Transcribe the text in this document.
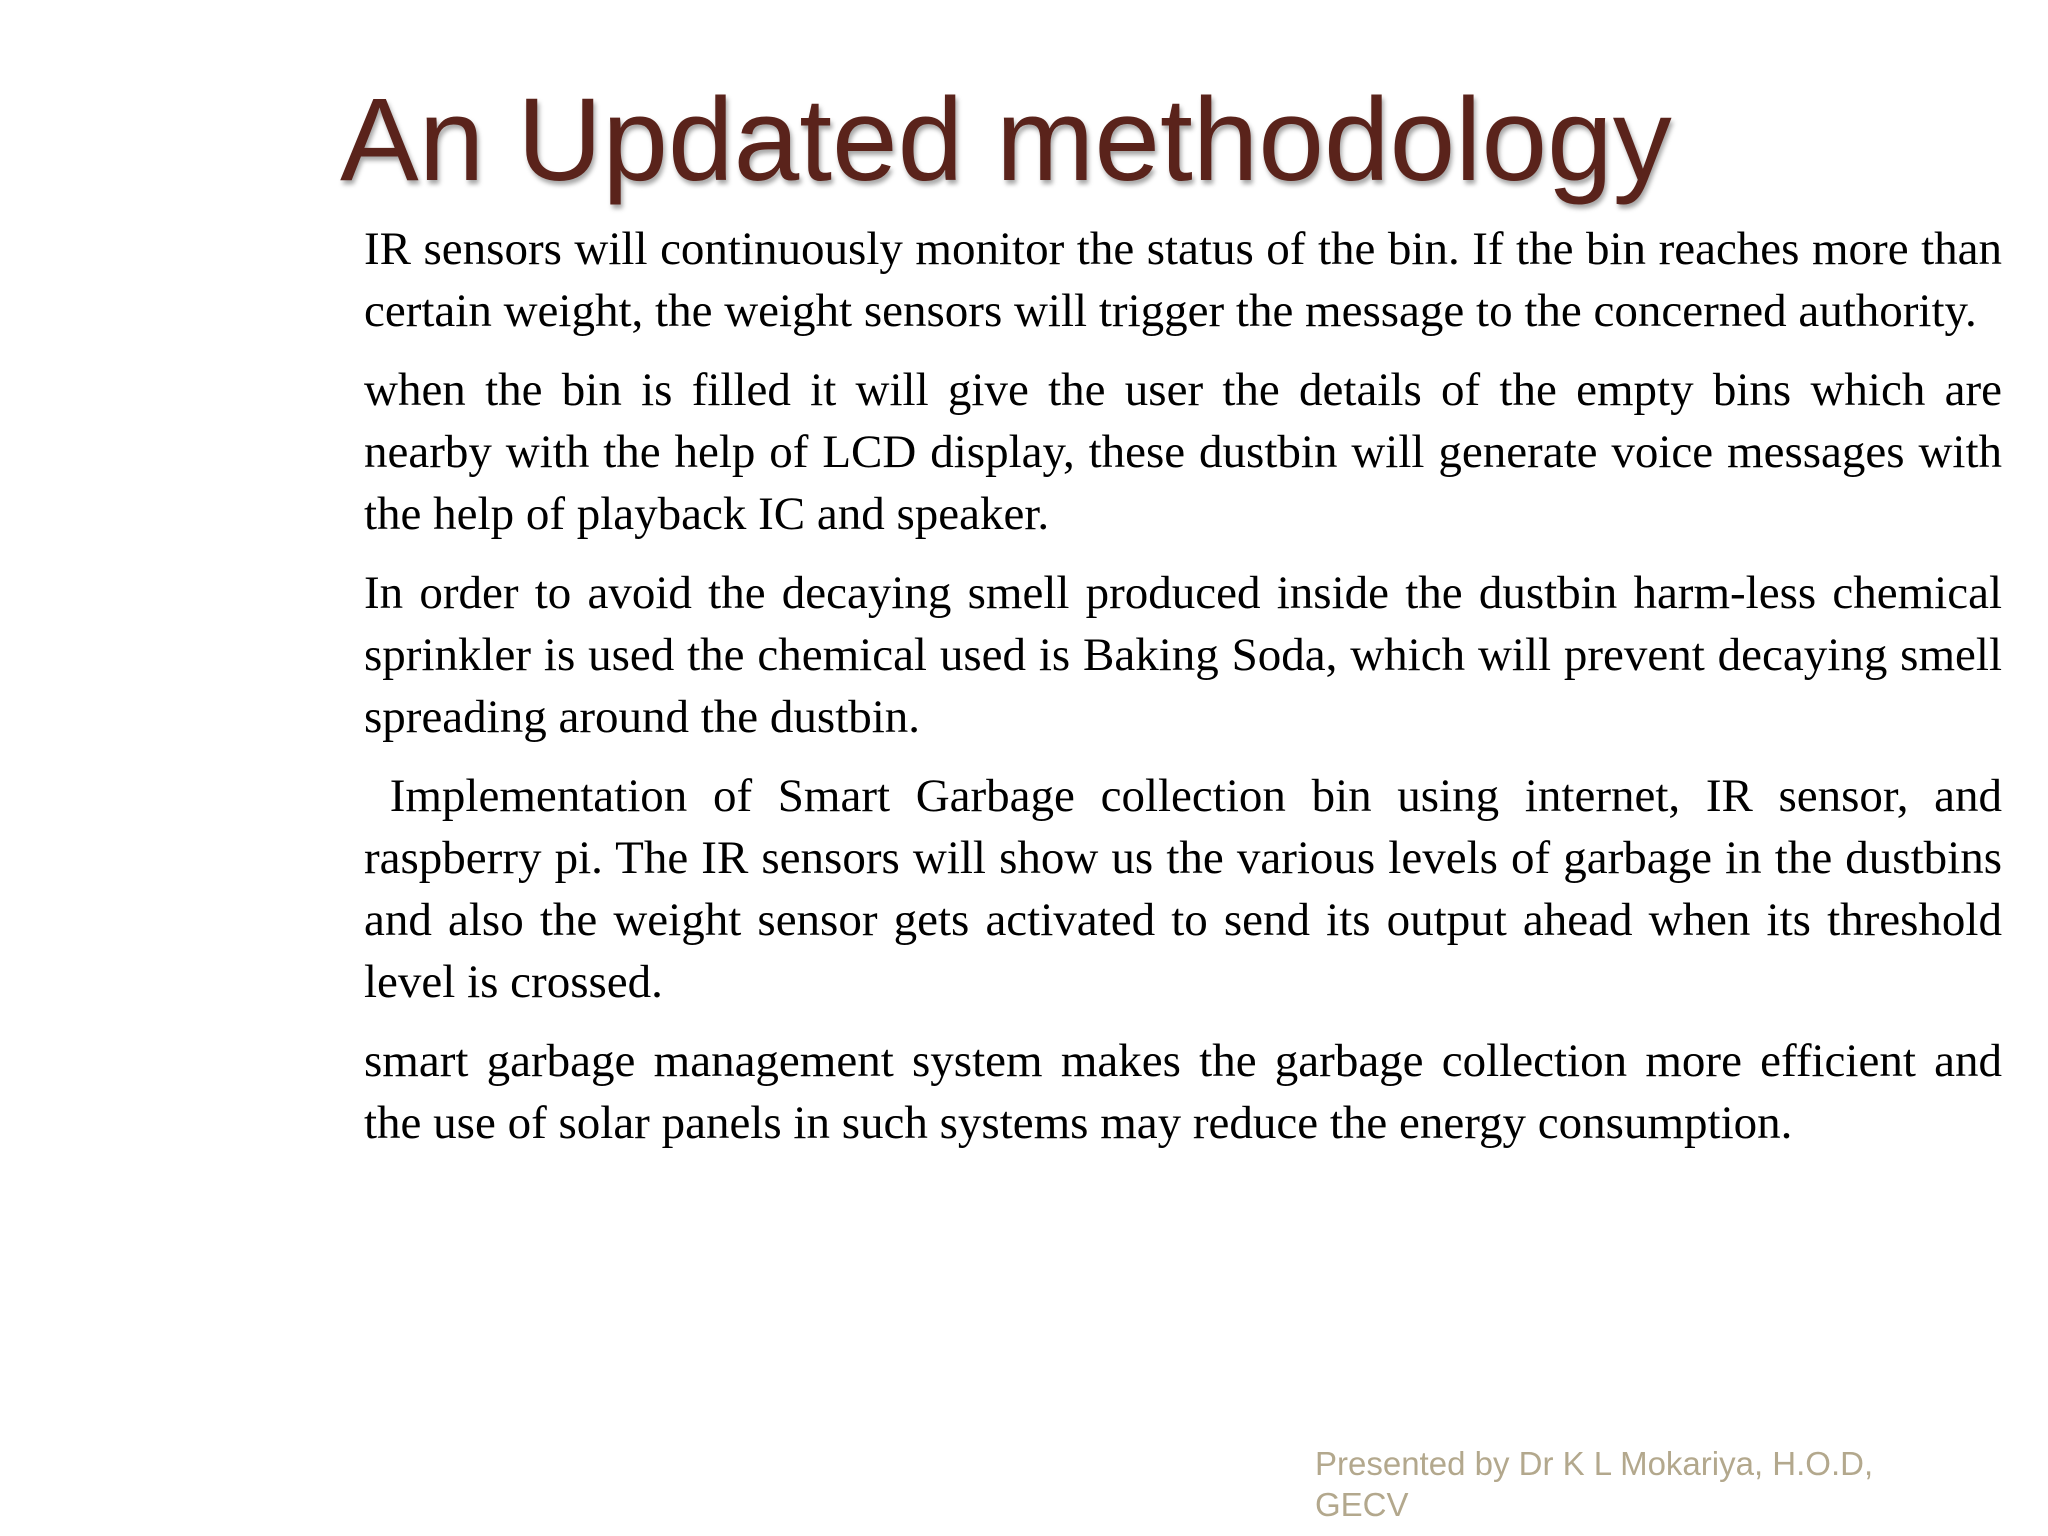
An Updated methodology

IR sensors will continuously monitor the status of the bin. If the bin reaches more than certain weight, the weight sensors will trigger the message to the concerned authority.

when the bin is filled it will give the user the details of the empty bins which are nearby with the help of LCD display, these dustbin will generate voice messages with the help of playback IC and speaker.

In order to avoid the decaying smell produced inside the dustbin harm-less chemical sprinkler is used the chemical used is Baking Soda, which will prevent decaying smell spreading around the dustbin.

Implementation of Smart Garbage collection bin using internet, IR sensor, and raspberry pi. The IR sensors will show us the various levels of garbage in the dustbins and also the weight sensor gets activated to send its output ahead when its threshold level is crossed.

smart garbage management system makes the garbage collection more efficient and the use of solar panels in such systems may reduce the energy consumption.

Presented by Dr K L Mokariya, H.O.D, GECV
